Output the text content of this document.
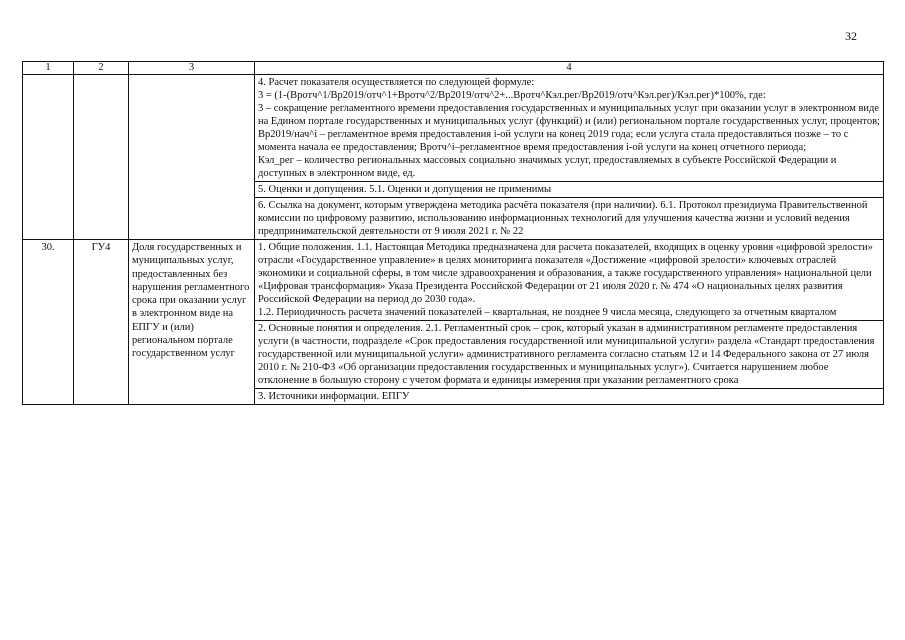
32
1	2	3	4
			4. Расчет показателя осуществляется по следующей формуле:
3 = (1-(Вротч^1/Вр2019/отч^1+Вротч^2/Вр2019/отч^2+...Вротч^Кэл.рег/Вр2019/отч^Кэл.рег)/Кэл.рег)*100%, где:
3 – сокращение регламентного времени предоставления государственных и муниципальных услуг при оказании услуг в электронном виде на Едином портале государственных и муниципальных услуг (функций) и (или) региональном портале государственных услуг, процентов;
Вр2019/нач^i – регламентное время предоставления i-ой услуги на конец 2019 года; если услуга стала предоставляться позже – то с момента начала ее предоставления; Вротч^i–регламентное время предоставления i-ой услуги на конец отчетного периода;
Кэл_рег – количество региональных массовых социально значимых услуг, предоставляемых в субъекте Российской Федерации и доступных в электронном виде, ед.
			5. Оценки и допущения. 5.1. Оценки и допущения не применимы
			6. Ссылка на документ, которым утверждена методика расчёта показателя (при наличии). 6.1. Протокол президиума Правительственной комиссии по цифровому развитию, использованию информационных технологий для улучшения качества жизни и условий ведения предпринимательской деятельности от 9 июля 2021 г. № 22
30.	ГУ4	Доля государственных и муниципальных услуг, предоставленных без нарушения регламентного срока при оказании услуг в электронном виде на ЕПГУ и (или) региональном портале государственном услуг	1. Общие положения. 1.1. Настоящая Методика предназначена для расчета показателей, входящих в оценку уровня «цифровой зрелости» отрасли «Государственное управление» в целях мониторинга показателя «Достижение «цифровой зрелости» ключевых отраслей экономики и социальной сферы, в том числе здравоохранения и образования, а также государственного управления» национальной цели «Цифровая трансформация» Указа Президента Российской Федерации от 21 июля 2020 г. № 474 «О национальных целях развития Российской Федерации на период до 2030 года».
1.2. Периодичность расчета значений показателей – квартальная, не позднее 9 числа месяца, следующего за отчетным кварталом
			2. Основные понятия и определения. 2.1. Регламентный срок – срок, который указан в административном регламенте предоставления услуги (в частности, подразделе «Срок предоставления государственной или муниципальной услуги» раздела «Стандарт предоставления государственной или муниципальной услуги» административного регламента согласно статьям 12 и 14 Федерального закона от 27 июля 2010 г. № 210-ФЗ «Об организации предоставления государственных и муниципальных услуг»). Считается нарушением любое отклонение в большую сторону с учетом формата и единицы измерения при указании регламентного срока
			3. Источники информации. ЕПГУ
